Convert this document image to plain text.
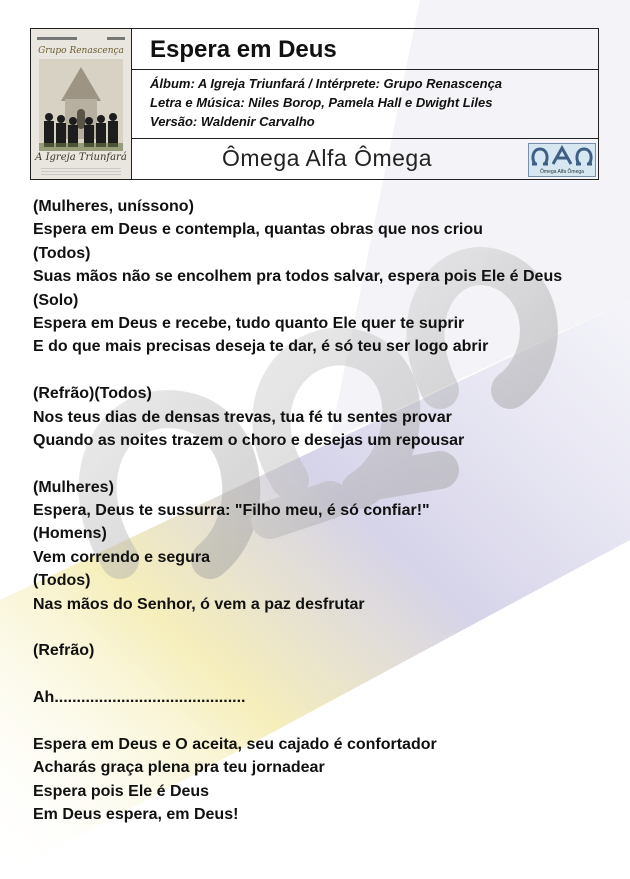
Grupo Renascença
A Igreja Triunfará
Espera em Deus
Álbum: A Igreja Triunfará / Intérprete: Grupo Renascença
Letra e Música: Niles Borop, Pamela Hall e Dwight Liles
Versão: Waldenir Carvalho
Ômega Alfa Ômega
Ômega Alfa Ômega
(Mulheres, uníssono)
Espera em Deus e contempla, quantas obras que nos criou
(Todos)
Suas mãos não se encolhem pra todos salvar, espera pois Ele é Deus
(Solo)
Espera em Deus e recebe, tudo quanto Ele quer te suprir
E do que mais precisas deseja te dar, é só teu ser logo abrir
(Refrão)(Todos)
Nos teus dias de densas trevas, tua fé tu sentes provar
Quando as noites trazem o choro e desejas um repousar
(Mulheres)
Espera, Deus te sussurra: "Filho meu, é só confiar!"
(Homens)
Vem correndo e segura
(Todos)
Nas mãos do Senhor, ó vem a paz desfrutar
(Refrão)
Ah...........................................
Espera em Deus e O aceita, seu cajado é confortador
Acharás graça plena pra teu jornadear
Espera pois Ele é Deus
Em Deus espera, em Deus!
